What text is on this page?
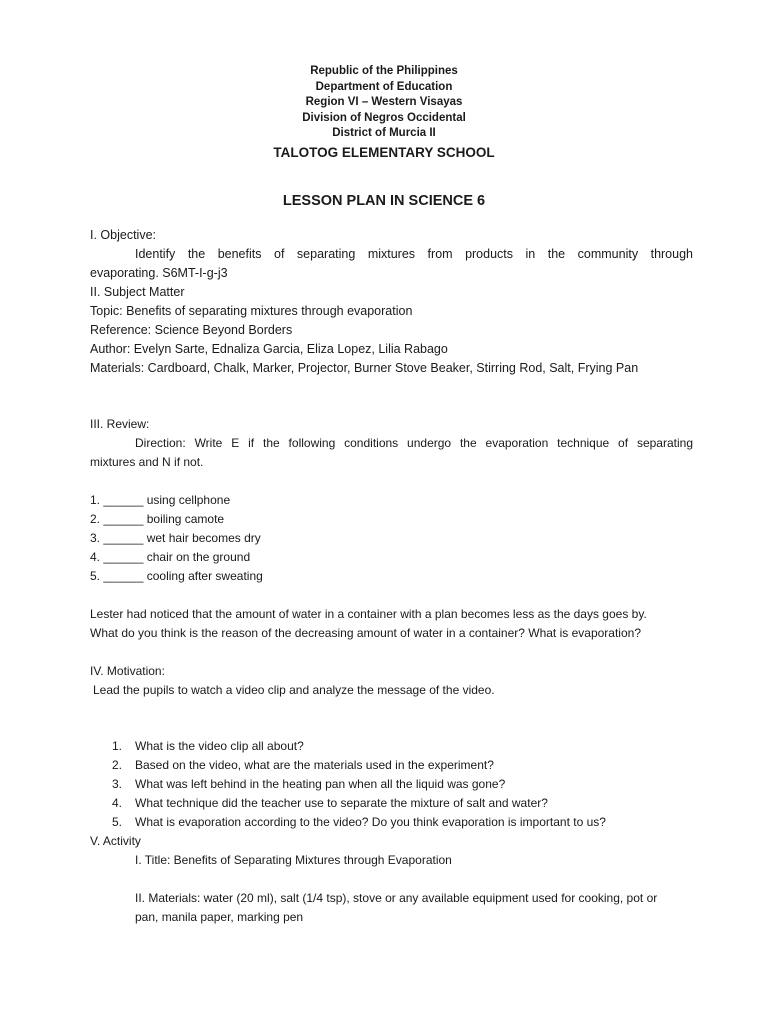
Republic of the Philippines
Department of Education
Region VI – Western Visayas
Division of Negros Occidental
District of Murcia II
TALOTOG ELEMENTARY SCHOOL
LESSON PLAN IN SCIENCE 6
I. Objective:
Identify the benefits of separating mixtures from products in the community through
evaporating. S6MT-I-g-j3
II. Subject Matter
Topic: Benefits of separating mixtures through evaporation
Reference: Science Beyond Borders
Author: Evelyn Sarte, Ednaliza Garcia, Eliza Lopez, Lilia Rabago
Materials: Cardboard, Chalk, Marker, Projector, Burner Stove Beaker, Stirring Rod, Salt, Frying Pan
III. Review:
Direction: Write E if the following conditions undergo the evaporation technique of separating
mixtures and N if not.
1. ______ using cellphone
2. ______ boiling camote
3. ______ wet hair becomes dry
4. ______ chair on the ground
5. ______ cooling after sweating
Lester had noticed that the amount of water in a container with a plan becomes less as the days goes by.
What do you think is the reason of the decreasing amount of water in a container? What is evaporation?
IV. Motivation:
Lead the pupils to watch a video clip and analyze the message of the video.
1. What is the video clip all about?
2. Based on the video, what are the materials used in the experiment?
3. What was left behind in the heating pan when all the liquid was gone?
4. What technique did the teacher use to separate the mixture of salt and water?
5. What is evaporation according to the video? Do you think evaporation is important to us?
V. Activity
I. Title: Benefits of Separating Mixtures through Evaporation
II. Materials: water (20 ml), salt (1/4 tsp), stove or any available equipment used for cooking, pot or
pan, manila paper, marking pen
